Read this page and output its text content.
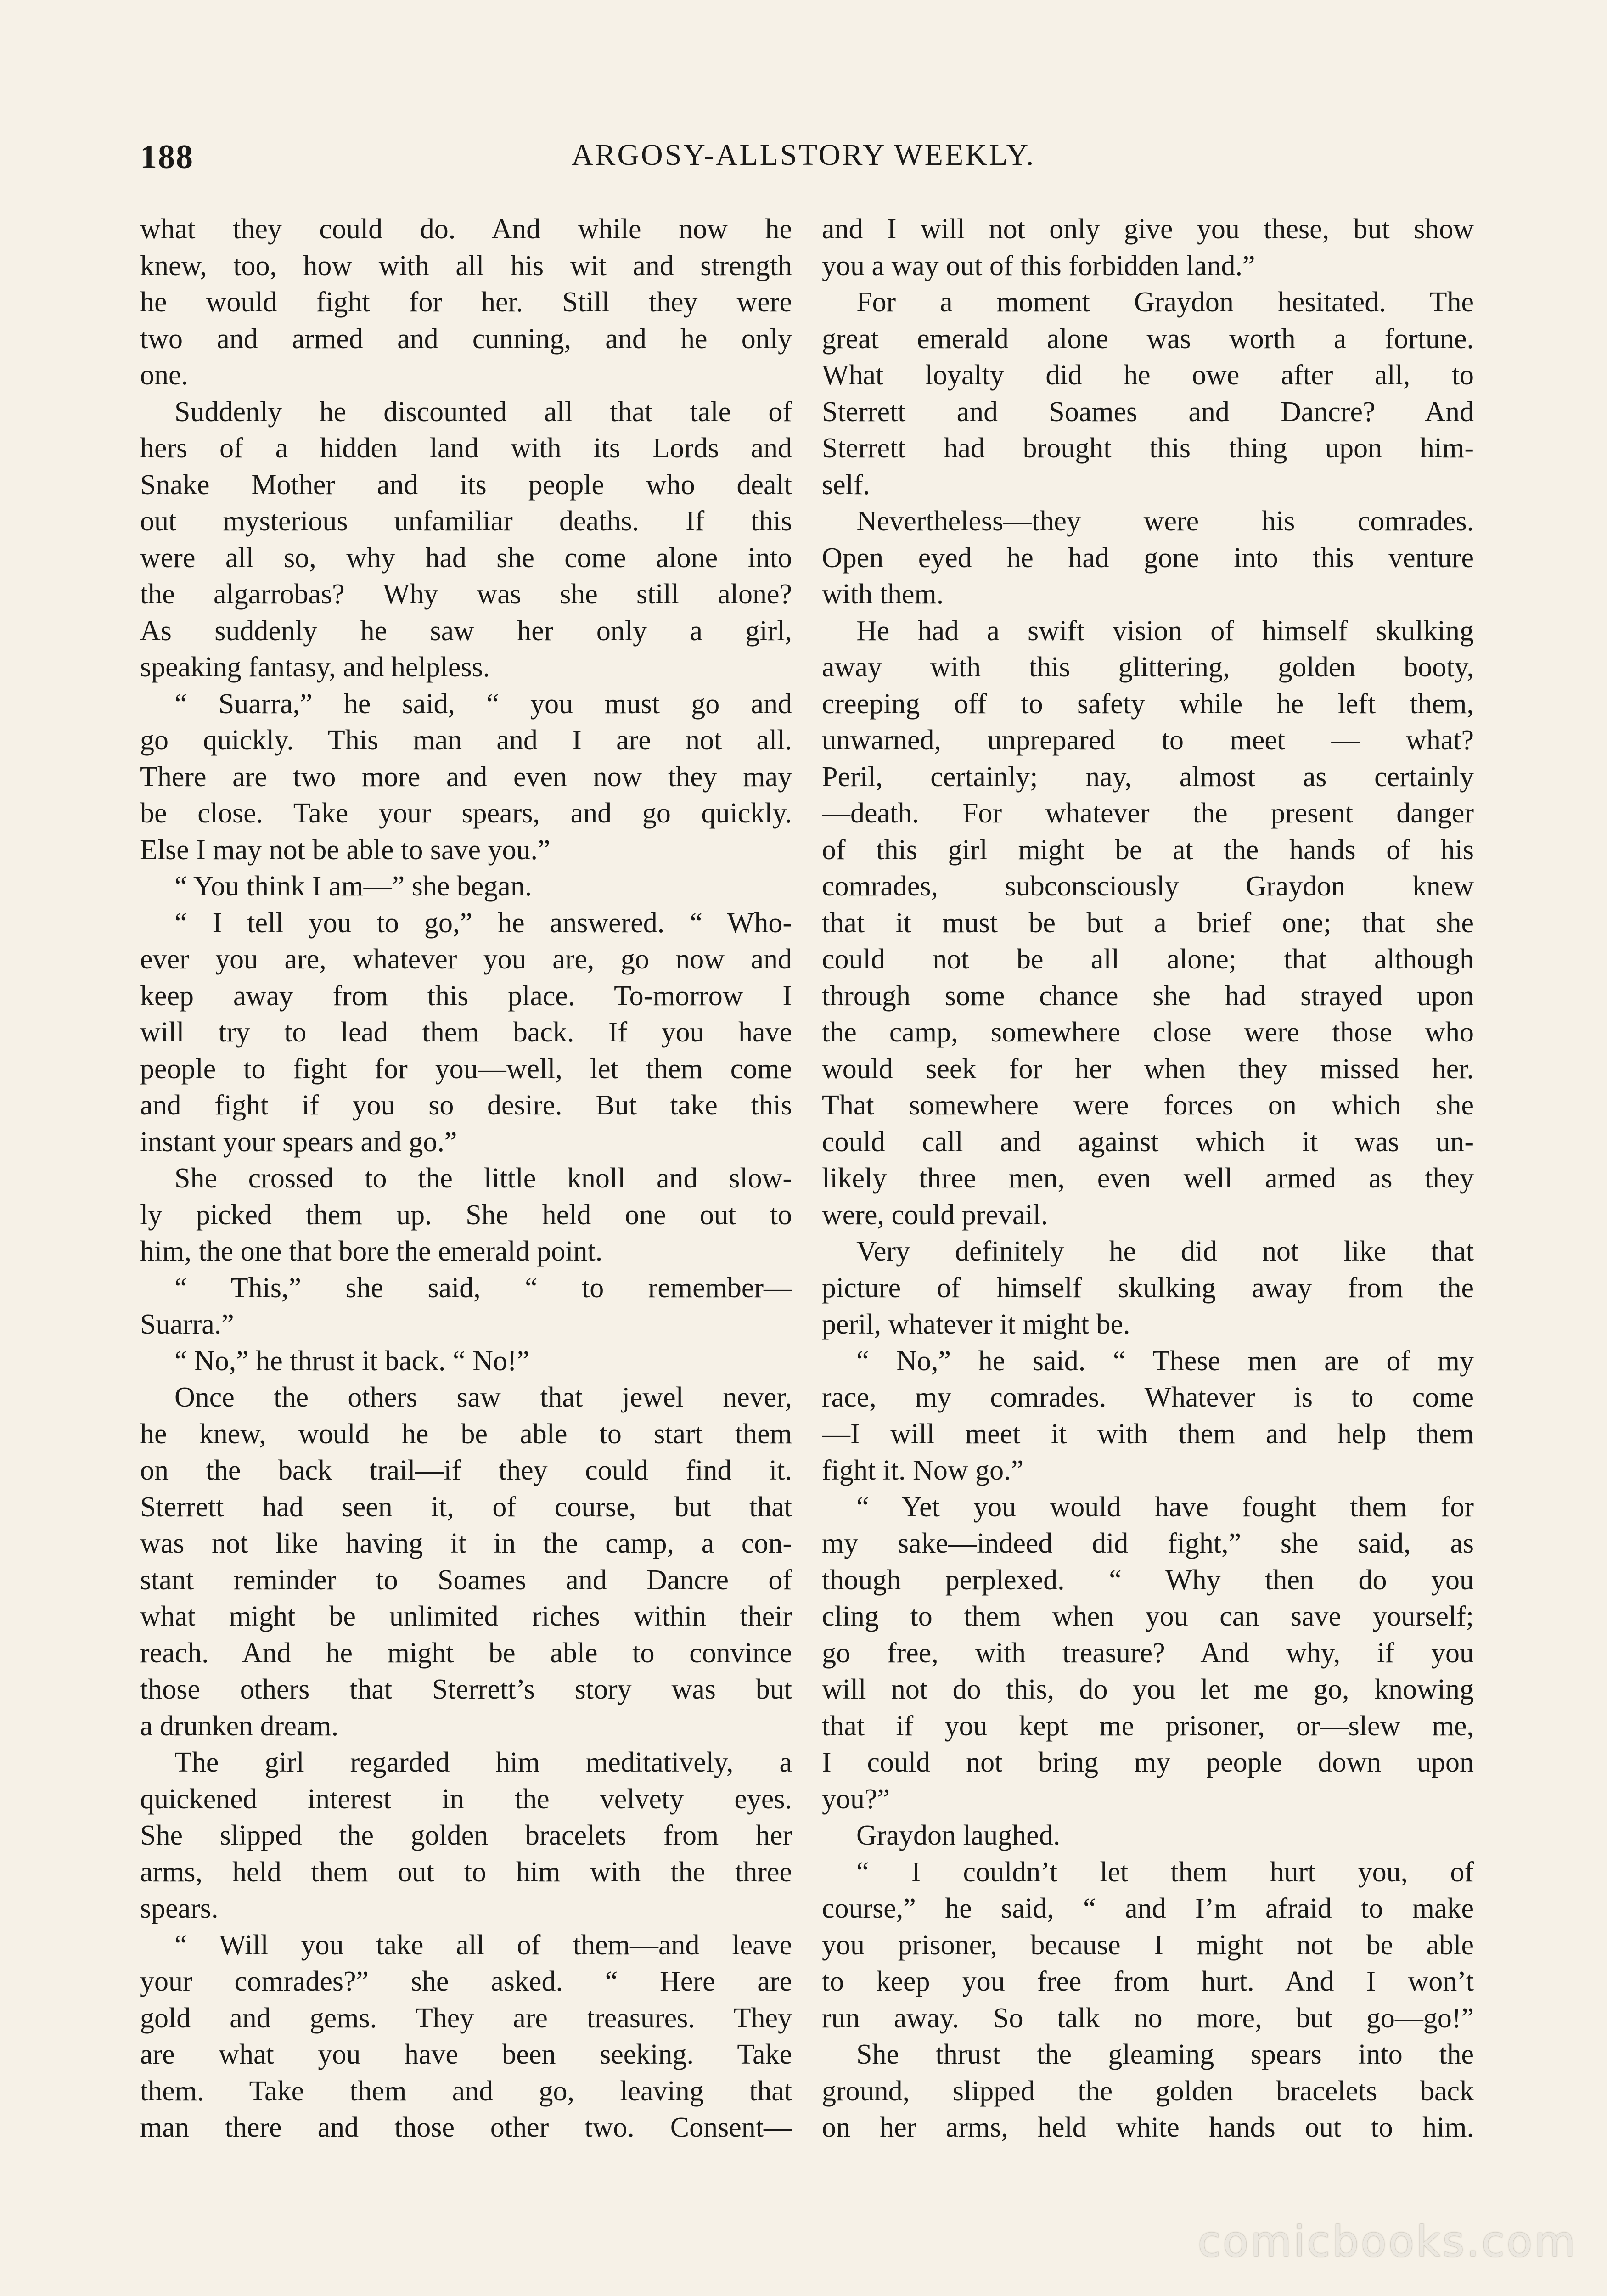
188	ARGOSY-ALLSTORY WEEKLY.
what they could do. And while now he
knew, too, how with all his wit and strength
he would fight for her. Still they were
two and armed and cunning, and he only
one.
Suddenly he discounted all that tale of
hers of a hidden land with its Lords and
Snake Mother and its people who dealt
out mysterious unfamiliar deaths. If this
were all so, why had she come alone into
the algarrobas? Why was she still alone?
As suddenly he saw her only a girl,
speaking fantasy, and helpless.
“ Suarra,” he said, “ you must go and
go quickly. This man and I are not all.
There are two more and even now they may
be close. Take your spears, and go quickly.
Else I may not be able to save you.”
“ You think I am—” she began.
“ I tell you to go,” he answered. “ Who-
ever you are, whatever you are, go now and
keep away from this place. To-morrow I
will try to lead them back. If you have
people to fight for you—well, let them come
and fight if you so desire. But take this
instant your spears and go.”
She crossed to the little knoll and slow-
ly picked them up. She held one out to
him, the one that bore the emerald point.
“ This,” she said, “ to remember—
Suarra.”
“ No,” he thrust it back. “ No!”
Once the others saw that jewel never,
he knew, would he be able to start them
on the back trail—if they could find it.
Sterrett had seen it, of course, but that
was not like having it in the camp, a con-
stant reminder to Soames and Dancre of
what might be unlimited riches within their
reach. And he might be able to convince
those others that Sterrett’s story was but
a drunken dream.
The girl regarded him meditatively, a
quickened interest in the velvety eyes.
She slipped the golden bracelets from her
arms, held them out to him with the three
spears.
“ Will you take all of them—and leave
your comrades?” she asked. “ Here are
gold and gems. They are treasures. They
are what you have been seeking. Take
them. Take them and go, leaving that
man there and those other two. Consent—
and I will not only give you these, but show
you a way out of this forbidden land.”
For a moment Graydon hesitated. The
great emerald alone was worth a fortune.
What loyalty did he owe after all, to
Sterrett and Soames and Dancre? And
Sterrett had brought this thing upon him-
self.
Nevertheless—they were his comrades.
Open eyed he had gone into this venture
with them.
He had a swift vision of himself skulking
away with this glittering, golden booty,
creeping off to safety while he left them,
unwarned, unprepared to meet — what?
Peril, certainly; nay, almost as certainly
—death. For whatever the present danger
of this girl might be at the hands of his
comrades, subconsciously Graydon knew
that it must be but a brief one; that she
could not be all alone; that although
through some chance she had strayed upon
the camp, somewhere close were those who
would seek for her when they missed her.
That somewhere were forces on which she
could call and against which it was un-
likely three men, even well armed as they
were, could prevail.
Very definitely he did not like that
picture of himself skulking away from the
peril, whatever it might be.
“ No,” he said. “ These men are of my
race, my comrades. Whatever is to come
—I will meet it with them and help them
fight it. Now go.”
“ Yet you would have fought them for
my sake—indeed did fight,” she said, as
though perplexed. “ Why then do you
cling to them when you can save yourself;
go free, with treasure? And why, if you
will not do this, do you let me go, knowing
that if you kept me prisoner, or—slew me,
I could not bring my people down upon
you?”
Graydon laughed.
“ I couldn’t let them hurt you, of
course,” he said, “ and I’m afraid to make
you prisoner, because I might not be able
to keep you free from hurt. And I won’t
run away. So talk no more, but go—go!”
She thrust the gleaming spears into the
ground, slipped the golden bracelets back
on her arms, held white hands out to him.
comicbooks.com
